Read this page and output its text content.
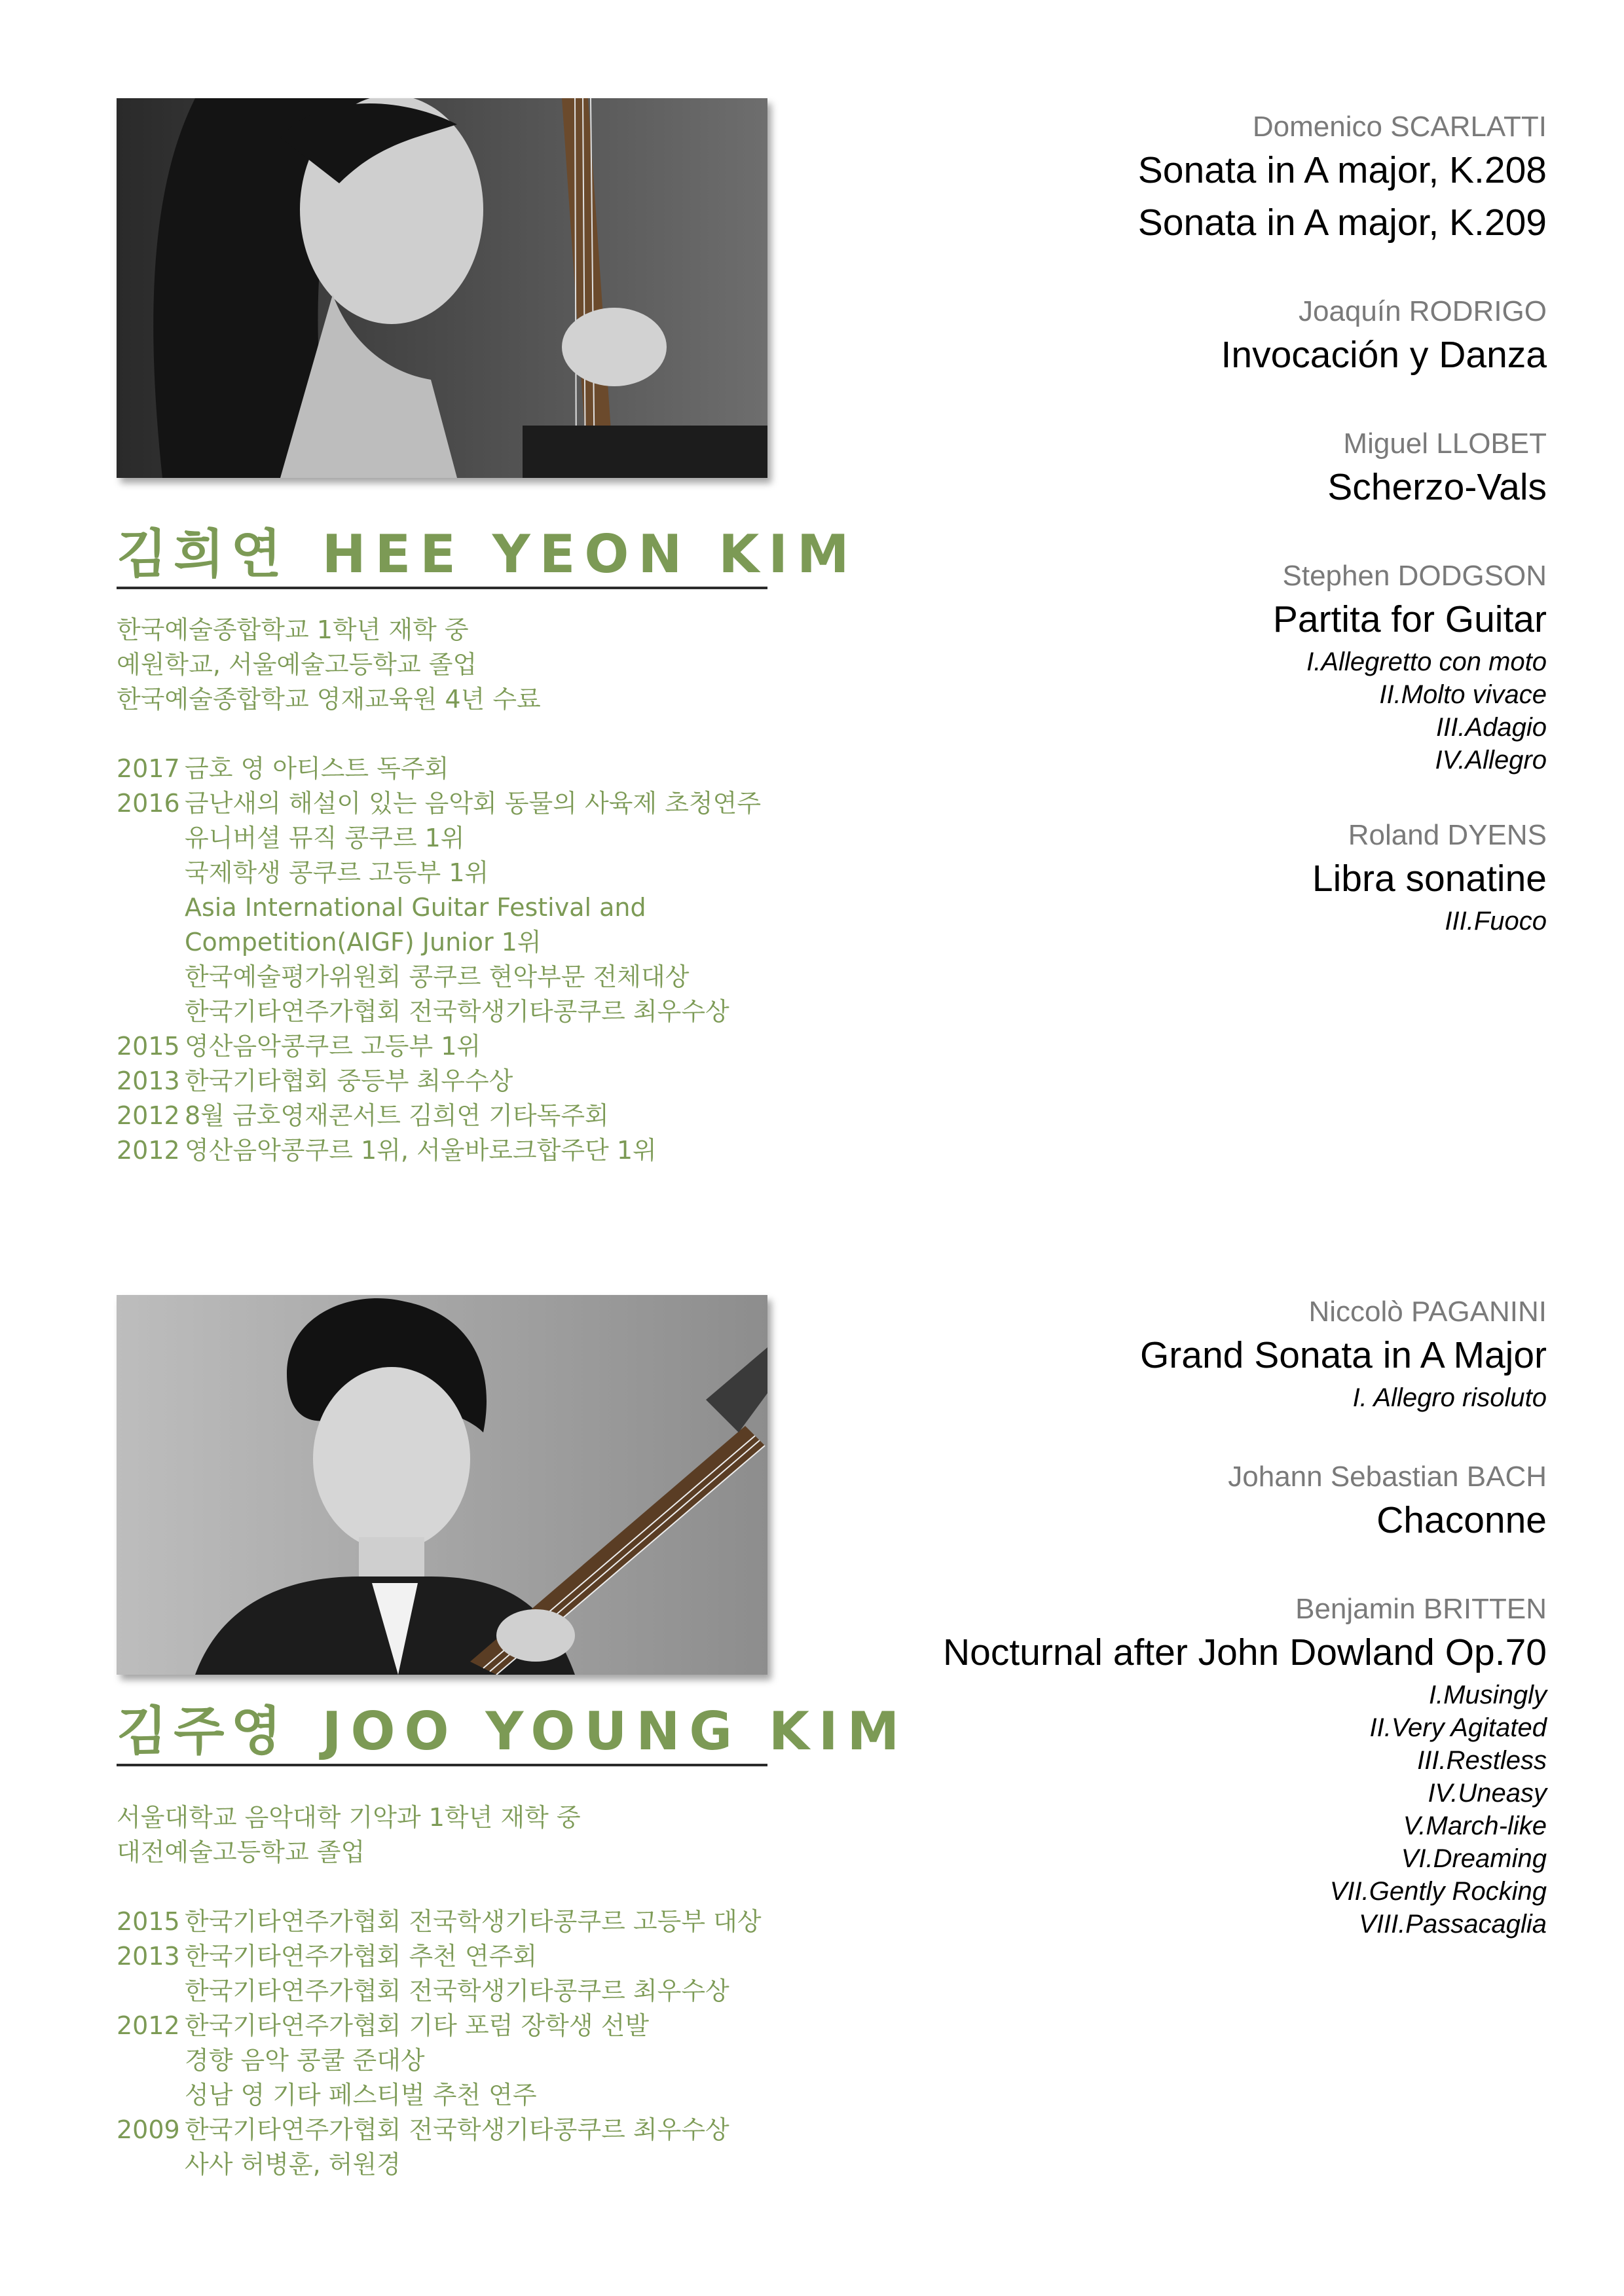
김희연 HEE YEON KIM
한국예술종합학교 1학년 재학 중
예원학교, 서울예술고등학교 졸업
한국예술종합학교 영재교육원 4년 수료
2017 금호 영 아티스트 독주회
2016 금난새의 해설이 있는 음악회 동물의 사육제 초청연주
유니버셜 뮤직 콩쿠르 1위
국제학생 콩쿠르 고등부 1위
Asia International Guitar Festival and
Competition(AIGF) Junior 1위
한국예술평가위원회 콩쿠르 현악부문 전체대상
한국기타연주가협회 전국학생기타콩쿠르 최우수상
2015 영산음악콩쿠르 고등부 1위
2013 한국기타협회 중등부 최우수상
2012 8월 금호영재콘서트 김희연 기타독주회
2012 영산음악콩쿠르 1위, 서울바로크합주단 1위
Domenico SCARLATTI
Sonata in A major, K.208
Sonata in A major, K.209
Joaquín RODRIGO
Invocación y Danza
Miguel LLOBET
Scherzo-Vals
Stephen DODGSON
Partita for Guitar
I.Allegretto con moto
II.Molto vivace
III.Adagio
IV.Allegro
Roland DYENS
Libra sonatine
III.Fuoco
김주영 JOO YOUNG KIM
서울대학교 음악대학 기악과 1학년 재학 중
대전예술고등학교 졸업
2015 한국기타연주가협회 전국학생기타콩쿠르 고등부 대상
2013 한국기타연주가협회 추천 연주회
한국기타연주가협회 전국학생기타콩쿠르 최우수상
2012 한국기타연주가협회 기타 포럼 장학생 선발
경향 음악 콩쿨 준대상
성남 영 기타 페스티벌 추천 연주
2009 한국기타연주가협회 전국학생기타콩쿠르 최우수상
사사 허병훈, 허원경
Niccolò PAGANINI
Grand Sonata in A Major
I. Allegro risoluto
Johann Sebastian BACH
Chaconne
Benjamin BRITTEN
Nocturnal after John Dowland Op.70
I.Musingly
II.Very Agitated
III.Restless
IV.Uneasy
V.March-like
VI.Dreaming
VII.Gently Rocking
VIII.Passacaglia
